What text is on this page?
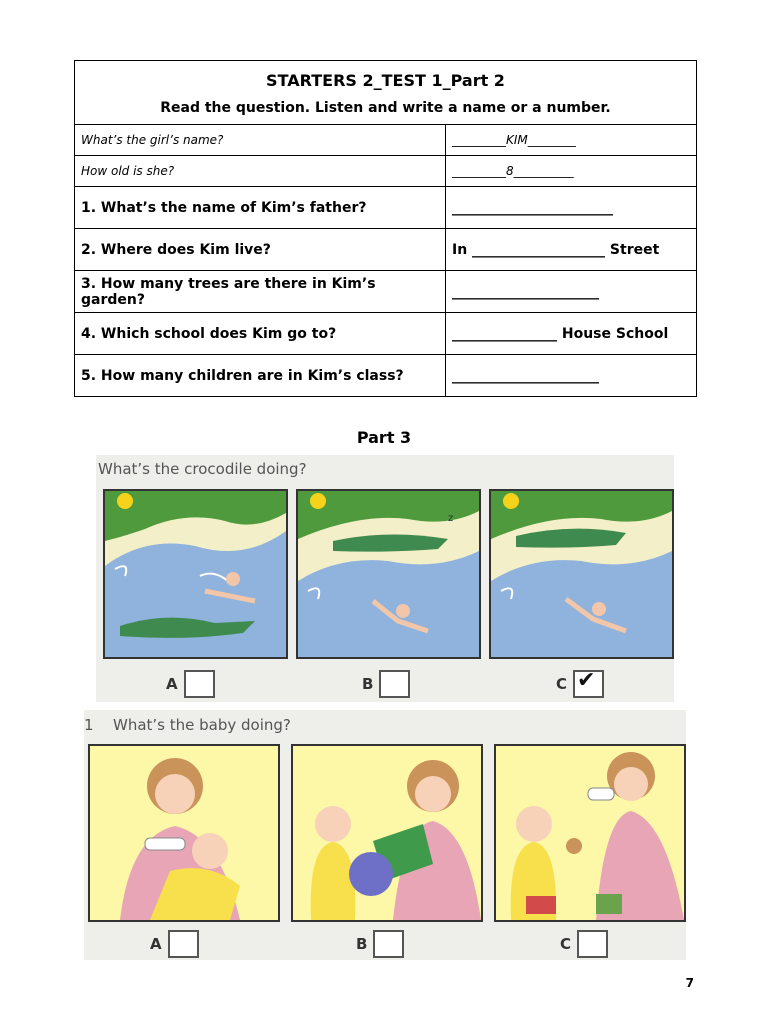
STARTERS 2_TEST 1_Part 2
Read the question. Listen and write a name or a number.	

What’s the girl’s name?	_________KIM________
How old is she?	_________8__________
1. What’s the name of Kim’s father?	_______________________
2. Where does Kim live?	In ___________________ Street
3. How many trees are there in Kim’s garden?	_____________________
4. Which school does Kim go to?	_______________ House School
5. How many children are in Kim’s class?	_____________________
Part 3
What’s the crocodile doing?
z
A	B	C ✔
1 What’s the baby doing?
A	B	C
7
